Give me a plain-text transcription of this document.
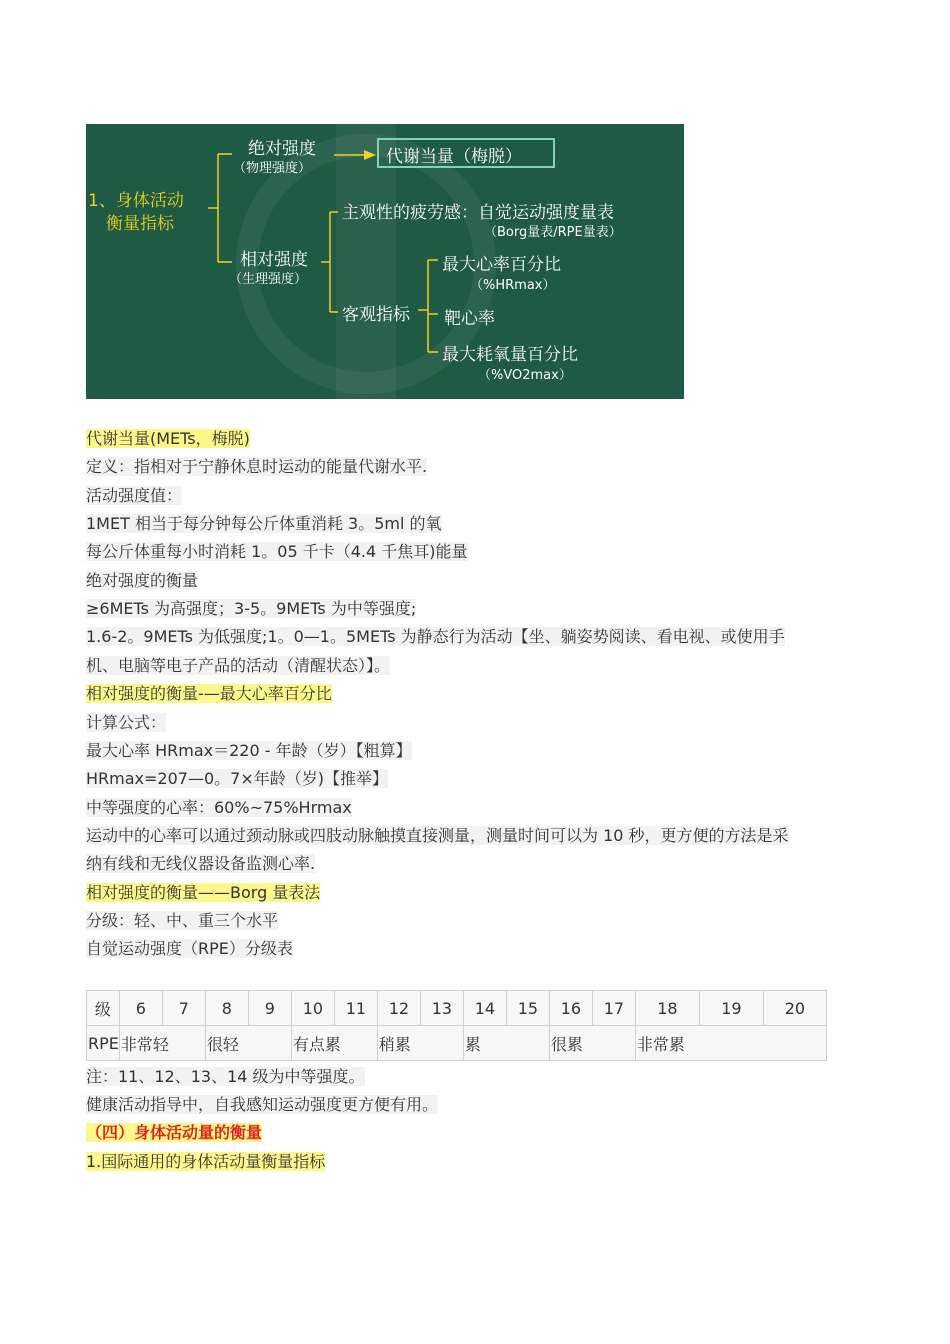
1、身体活动
衡量指标
绝对强度
（物理强度）
代谢当量（梅脱）
相对强度
（生理强度）
主观性的疲劳感：自觉运动强度量表
（Borg量表/RPE量表）
客观指标
最大心率百分比
（%HRmax）
靶心率
最大耗氧量百分比
（%VO2max）
代谢当量(METs，梅脱)
定义：指相对于宁静休息时运动的能量代谢水平.
活动强度值：
1MET 相当于每分钟每公斤体重消耗 3。5ml 的氧
每公斤体重每小时消耗 1。05 千卡（4.4 千焦耳)能量
绝对强度的衡量
≥6METs 为高强度；3-5。9METs 为中等强度;
1.6-2。9METs 为低强度;1。0—1。5METs 为静态行为活动【坐、躺姿势阅读、看电视、或使用手
机、电脑等电子产品的活动（清醒状态）】。
相对强度的衡量-—最大心率百分比
计算公式：
最大心率 HRmax＝220 - 年龄（岁）【粗算】
HRmax=207—0。7×年龄（岁)【推举】
中等强度的心率：60%~75%Hrmax
运动中的心率可以通过颈动脉或四肢动脉触摸直接测量，测量时间可以为 10 秒，更方便的方法是采
纳有线和无线仪器设备监测心率.
相对强度的衡量——Borg 量表法
分级：轻、中、重三个水平
自觉运动强度（RPE）分级表
级	6	7	8	9	10	11	12	13	14	15	16	17	18	19	20
RPE	非常轻		很轻		有点累		稍累		累		很累		非常累		
注：11、12、13、14 级为中等强度。
健康活动指导中，自我感知运动强度更方便有用。
（四）身体活动量的衡量
1.国际通用的身体活动量衡量指标
